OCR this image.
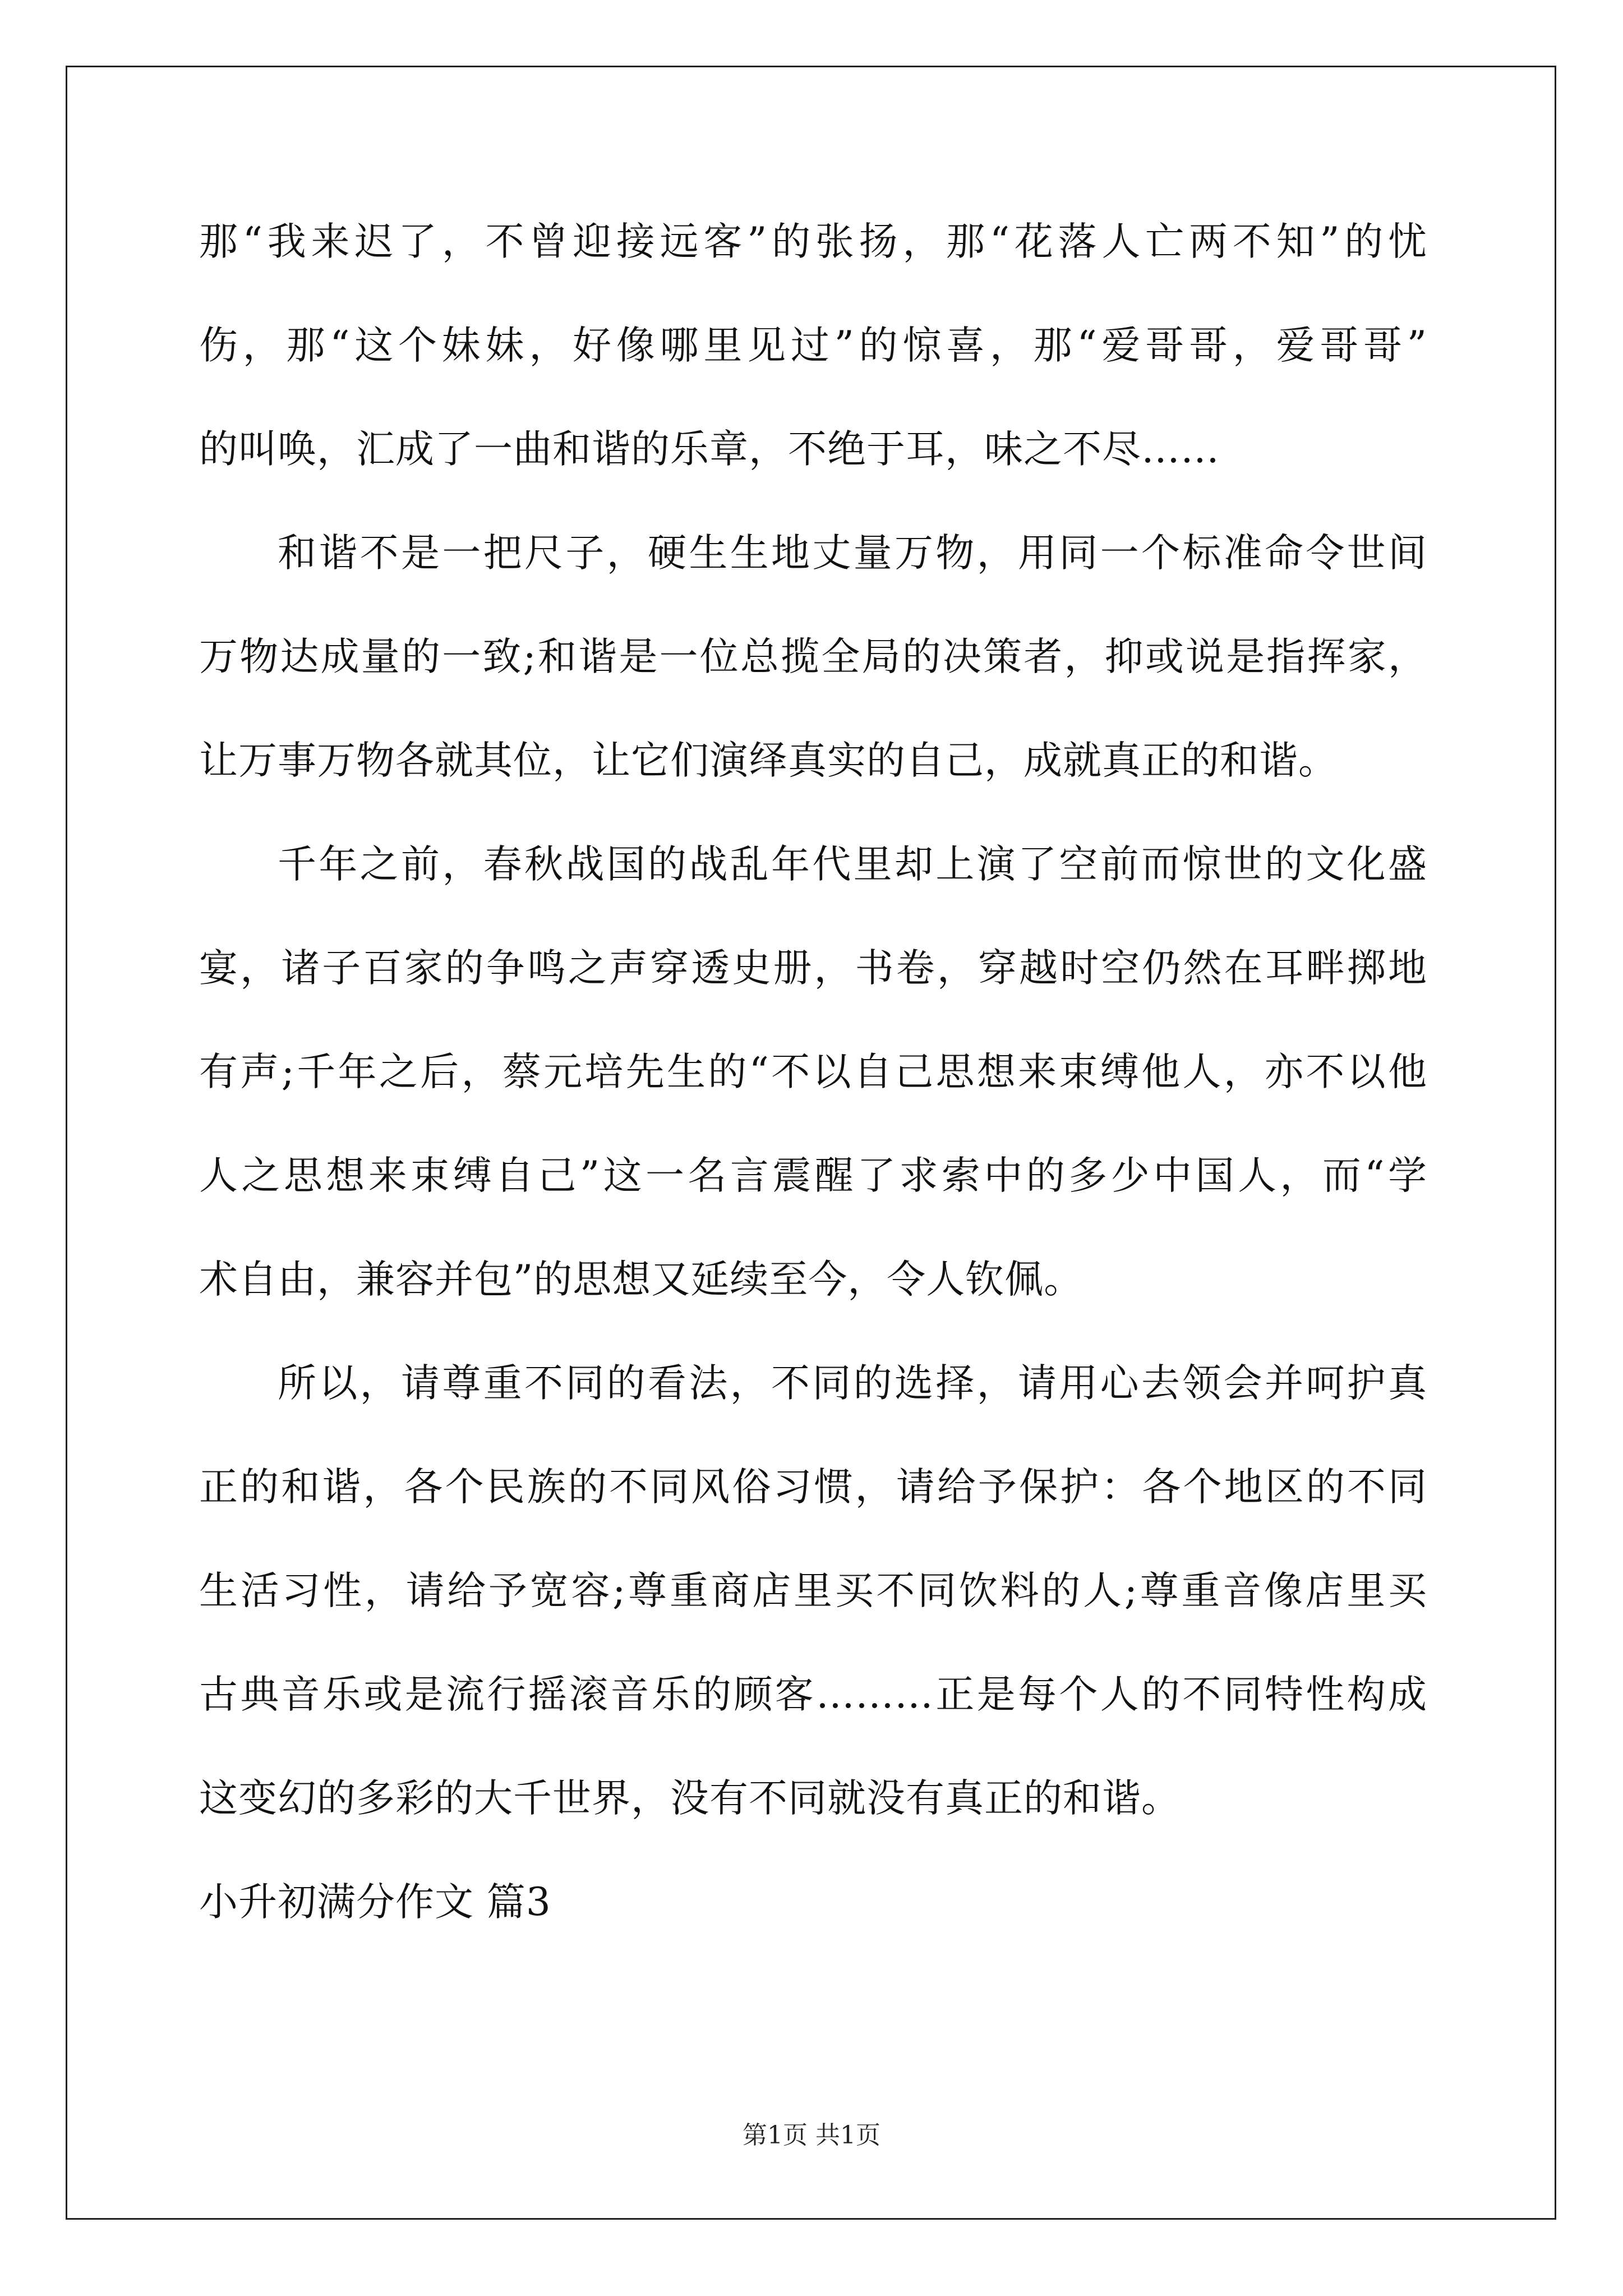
那“我来迟了，不曾迎接远客”的张扬，那“花落人亡两不知”的忧
伤，那“这个妹妹，好像哪里见过”的惊喜，那“爱哥哥，爱哥哥”
的叫唤，汇成了一曲和谐的乐章，不绝于耳，味之不尽……
和谐不是一把尺子，硬生生地丈量万物，用同一个标准命令世间
万物达成量的一致;和谐是一位总揽全局的决策者，抑或说是指挥家，
让万事万物各就其位，让它们演绎真实的自己，成就真正的和谐。
千年之前，春秋战国的战乱年代里却上演了空前而惊世的文化盛
宴，诸子百家的争鸣之声穿透史册，书卷，穿越时空仍然在耳畔掷地
有声;千年之后，蔡元培先生的“不以自己思想来束缚他人，亦不以他
人之思想来束缚自己”这一名言震醒了求索中的多少中国人，而“学
术自由，兼容并包”的思想又延续至今，令人钦佩。
所以，请尊重不同的看法，不同的选择，请用心去领会并呵护真
正的和谐，各个民族的不同风俗习惯，请给予保护：各个地区的不同
生活习性，请给予宽容;尊重商店里买不同饮料的人;尊重音像店里买
古典音乐或是流行摇滚音乐的顾客………正是每个人的不同特性构成
这变幻的多彩的大千世界，没有不同就没有真正的和谐。
小升初满分作文 篇3
第1页 共1页
